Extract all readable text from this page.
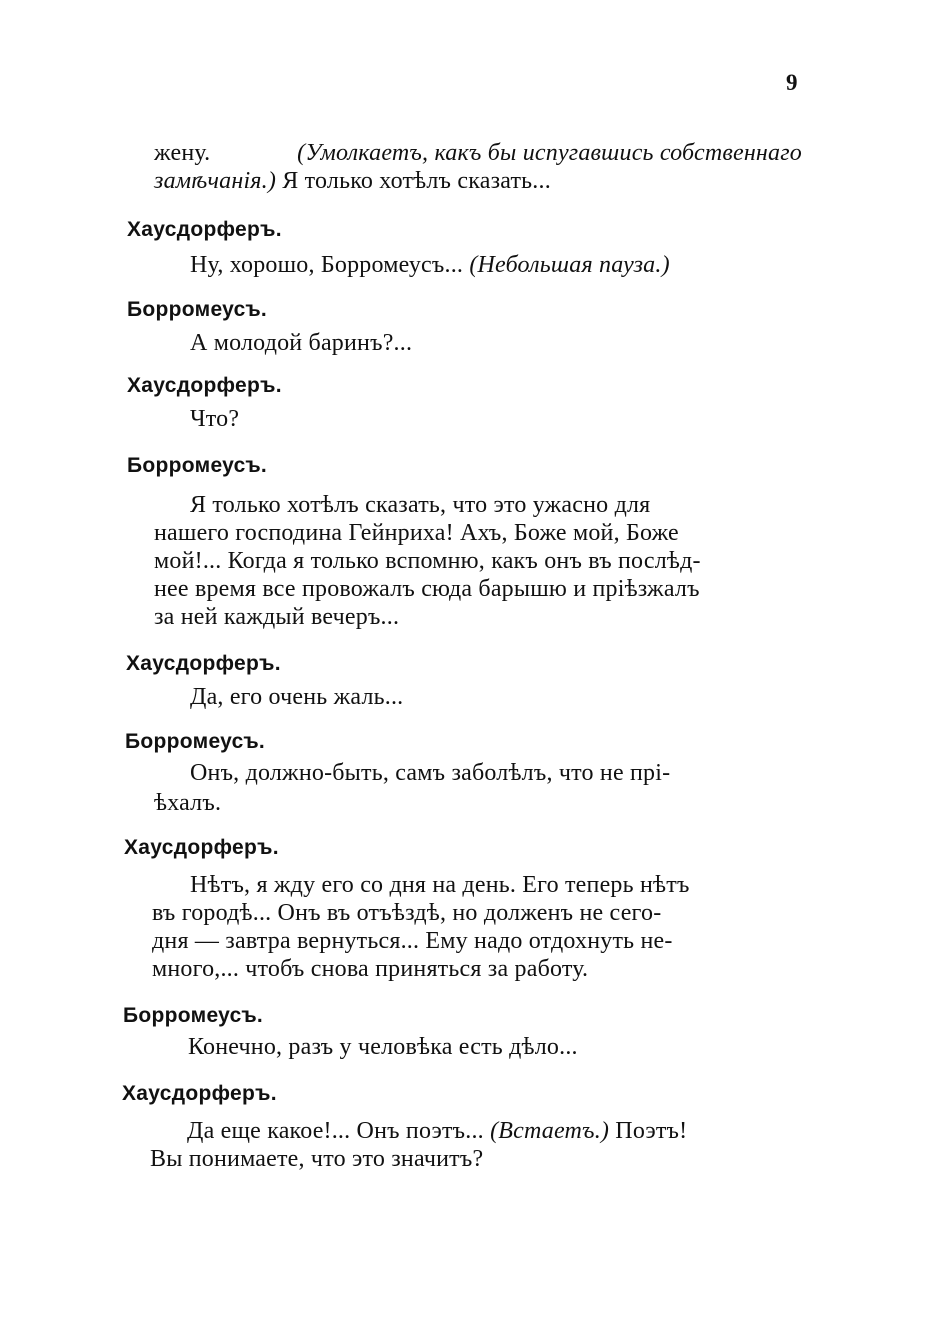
9
жену.	(Умолкаетъ, какъ бы испугавшись собственнаго
замѣчанія.) Я только хотѣлъ сказать...
Хаусдорферъ.
Ну, хорошо, Борромеусъ... (Небольшая пауза.)
Борромеусъ.
А молодой баринъ?...
Хаусдорферъ.
Что?
Борромеусъ.
Я только хотѣлъ сказать, что это ужасно для
нашего господина Гейнриха! Ахъ, Боже мой, Боже
мой!... Когда я только вспомню, какъ онъ въ послѣд-
нее время все провожалъ сюда барышю и пріѣзжалъ
за ней каждый вечеръ...
Хаусдорферъ.
Да, его очень жаль...
Борромеусъ.
Онъ, должно-быть, самъ заболѣлъ, что не прі-
ѣхалъ.
Хаусдорферъ.
Нѣтъ, я жду его со дня на день. Его теперь нѣтъ
въ городѣ... Онъ въ отъѣздѣ, но долженъ не сего-
дня — завтра вернуться... Ему надо отдохнуть не-
много,... чтобъ снова приняться за работу.
Борромеусъ.
Конечно, разъ у человѣка есть дѣло...
Хаусдорферъ.
Да еще какое!... Онъ поэтъ... (Встаетъ.) Поэтъ!
Вы понимаете, что это значитъ?
